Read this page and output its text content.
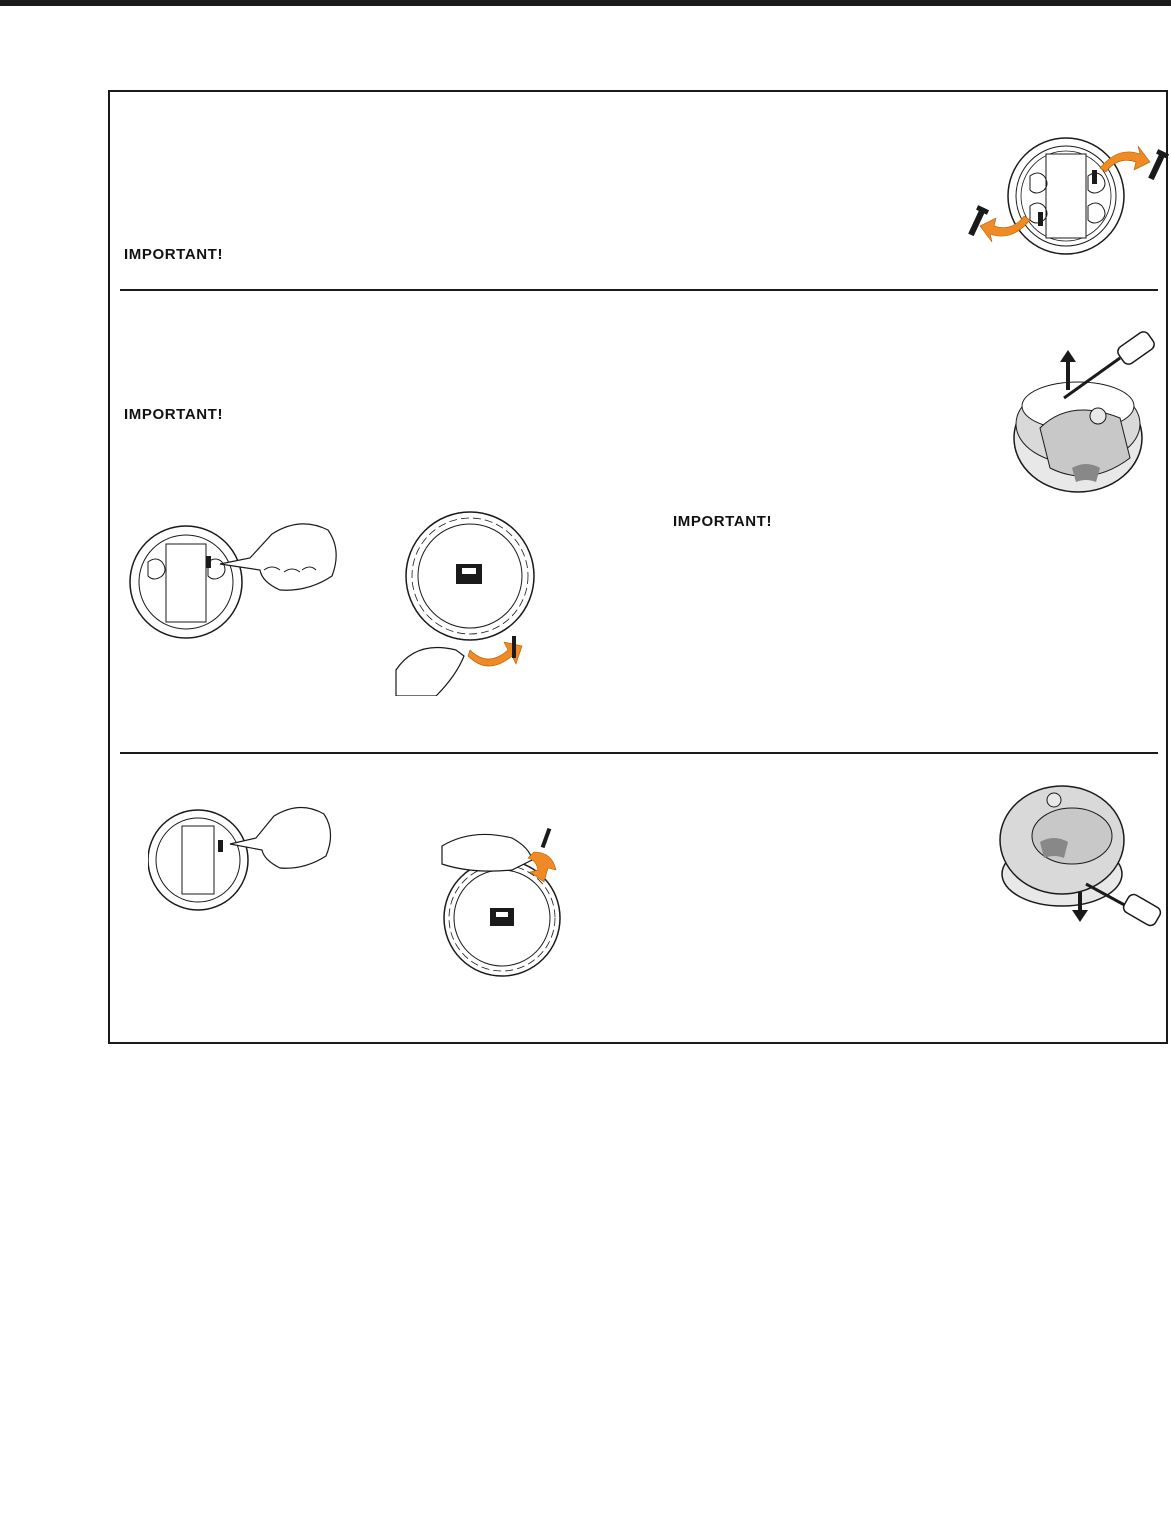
IMPORTANT!
IMPORTANT!
IMPORTANT!
